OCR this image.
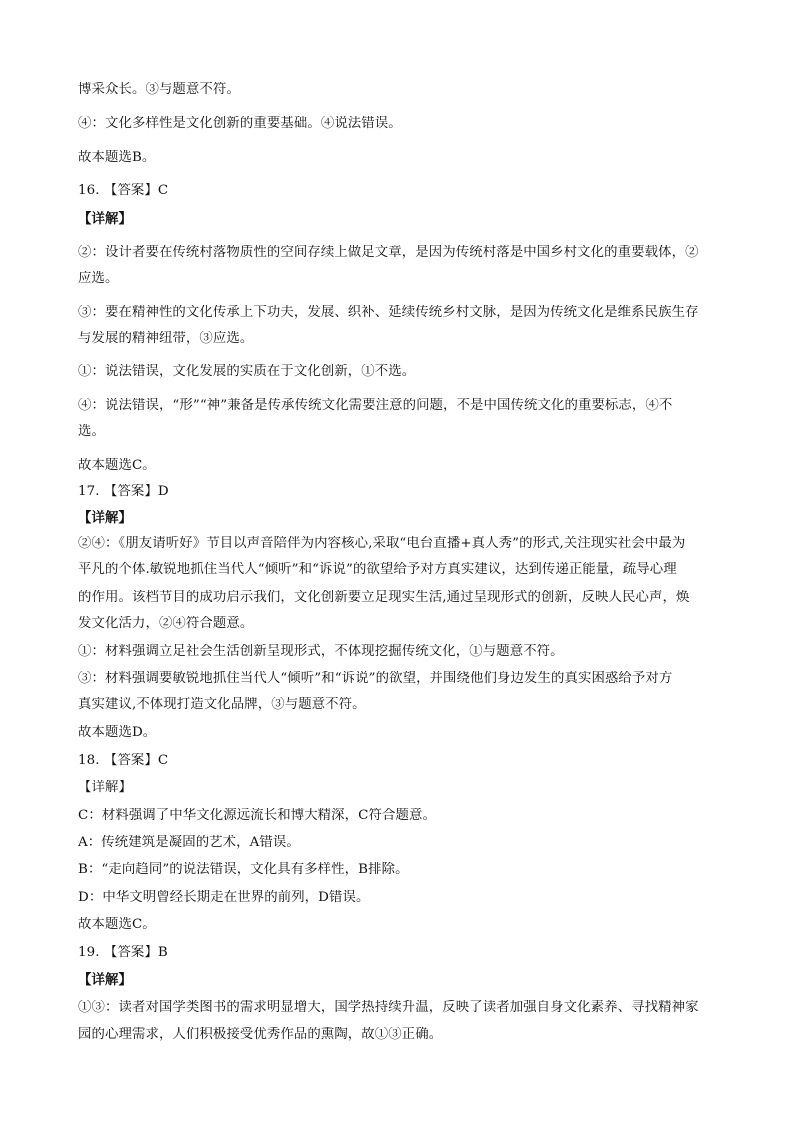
博采众长。③与题意不符。
④：文化多样性是文化创新的重要基础。④说法错误。
故本题选B。
16. 【答案】C
【详解】
②：设计者要在传统村落物质性的空间存续上做足文章，是因为传统村落是中国乡村文化的重要载体，②
应选。
③：要在精神性的文化传承上下功夫，发展、织补、延续传统乡村文脉，是因为传统文化是维系民族生存
与发展的精神纽带，③应选。
①：说法错误，文化发展的实质在于文化创新，①不选。
④：说法错误，“形”“神”兼备是传承传统文化需要注意的问题，不是中国传统文化的重要标志，④不
选。
故本题选C。
17. 【答案】D
【详解】
②④：《朋友请听好》节目以声音陪伴为内容核心,采取“电台直播+真人秀”的形式,关注现实社会中最为
平凡的个体.敏锐地抓住当代人“倾听”和“诉说”的欲望给予对方真实建议，达到传递正能量，疏导心理
的作用。该档节目的成功启示我们，文化创新要立足现实生活,通过呈现形式的创新，反映人民心声，焕
发文化活力，②④符合题意。
①：材料强调立足社会生活创新呈现形式，不体现挖掘传统文化，①与题意不符。
③：材料强调要敏锐地抓住当代人“倾听”和“诉说”的欲望，并围绕他们身边发生的真实困惑给予对方
真实建议,不体现打造文化品牌，③与题意不符。
故本题选D。
18. 【答案】C
【详解】
C：材料强调了中华文化源远流长和博大精深，C符合题意。
A：传统建筑是凝固的艺术，A错误。
B：“走向趋同”的说法错误，文化具有多样性，B排除。
D：中华文明曾经长期走在世界的前列，D错误。
故本题选C。
19. 【答案】B
【详解】
①③：读者对国学类图书的需求明显增大，国学热持续升温，反映了读者加强自身文化素养、寻找精神家
园的心理需求，人们积极接受优秀作品的熏陶，故①③正确。
